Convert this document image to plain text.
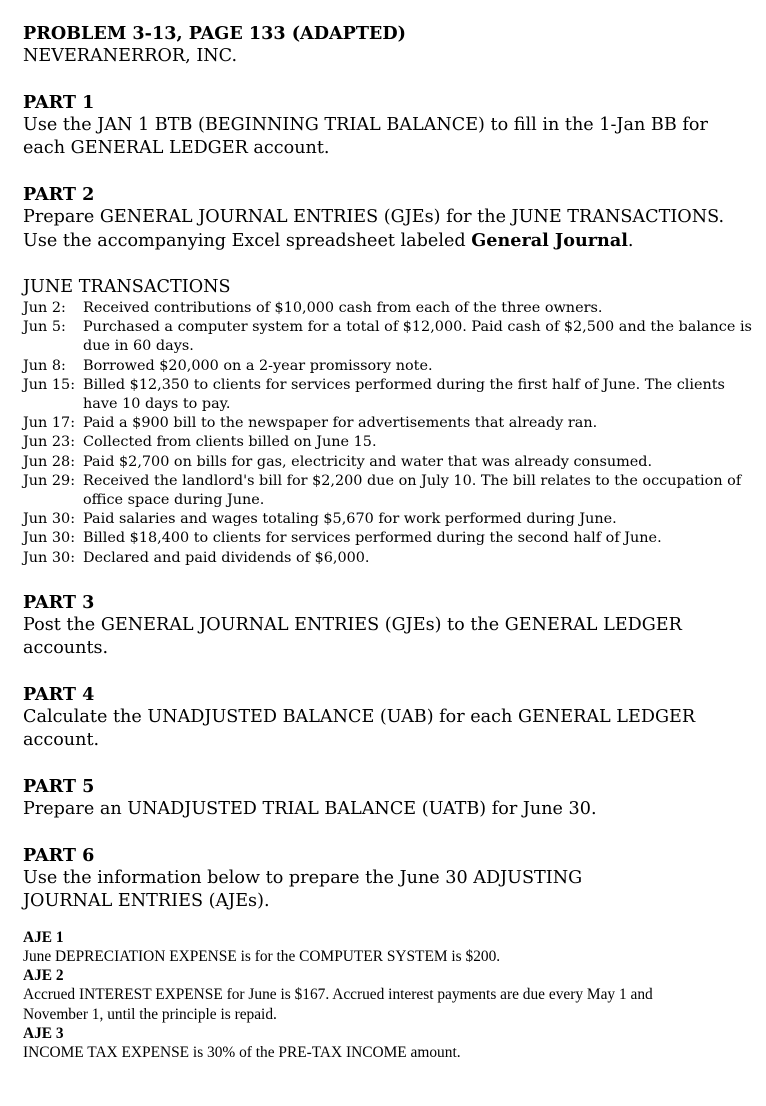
PROBLEM 3-13, PAGE 133 (ADAPTED)
NEVERANERROR, INC.
PART 1
Use the JAN 1 BTB (BEGINNING TRIAL BALANCE) to fill in the 1-Jan BB for each GENERAL LEDGER account.
PART 2
Prepare GENERAL JOURNAL ENTRIES (GJEs) for the JUNE TRANSACTIONS. Use the accompanying Excel spreadsheet labeled General Journal.
JUNE TRANSACTIONS
Jun 2:	Received contributions of $10,000 cash from each of the three owners.
Jun 5:	Purchased a computer system for a total of $12,000. Paid cash of $2,500 and the balance is due in 60 days.
Jun 8:	Borrowed $20,000 on a 2-year promissory note.
Jun 15: Billed $12,350 to clients for services performed during the first half of June. The clients have 10 days to pay.
Jun 17: Paid a $900 bill to the newspaper for advertisements that already ran.
Jun 23: Collected from clients billed on June 15.
Jun 28: Paid $2,700 on bills for gas, electricity and water that was already consumed.
Jun 29: Received the landlord's bill for $2,200 due on July 10. The bill relates to the occupation of office space during June.
Jun 30: Paid salaries and wages totaling $5,670 for work performed during June.
Jun 30: Billed $18,400 to clients for services performed during the second half of June.
Jun 30: Declared and paid dividends of $6,000.
PART 3
Post the GENERAL JOURNAL ENTRIES (GJEs) to the GENERAL LEDGER accounts.
PART 4
Calculate the UNADJUSTED BALANCE (UAB) for each GENERAL LEDGER account.
PART 5
Prepare an UNADJUSTED TRIAL BALANCE (UATB) for June 30.
PART 6
Use the information below to prepare the June 30 ADJUSTING JOURNAL ENTRIES (AJEs).
AJE 1
June DEPRECIATION EXPENSE is for the COMPUTER SYSTEM is $200.
AJE 2
Accrued INTEREST EXPENSE for June is $167. Accrued interest payments are due every May 1 and November 1, until the principle is repaid.
AJE 3
INCOME TAX EXPENSE is 30% of the PRE-TAX INCOME amount.
